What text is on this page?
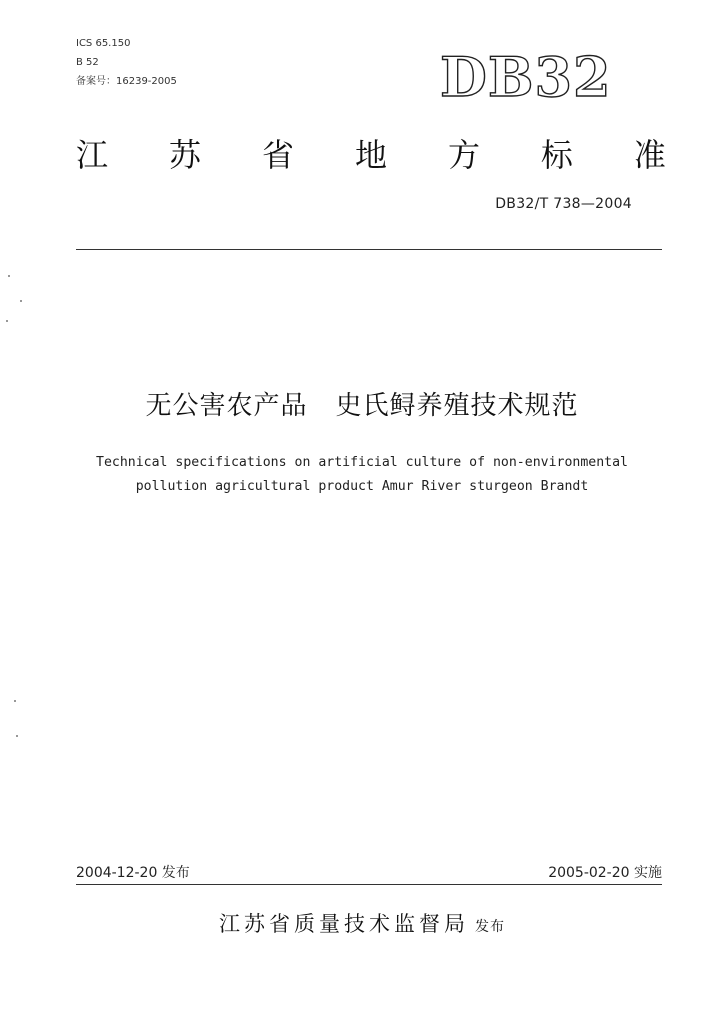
ICS 65.150
B 52
备案号：16239-2005	DB32
江 苏 省 地 方 标 准
DB32/T 738—2004
无公害农产品 史氏鲟养殖技术规范
Technical specifications on artificial culture of non-environmental
pollution agricultural product Amur River sturgeon Brandt
2004-12-20 发布	2005-02-20 实施
江苏省质量技术监督局 发布
